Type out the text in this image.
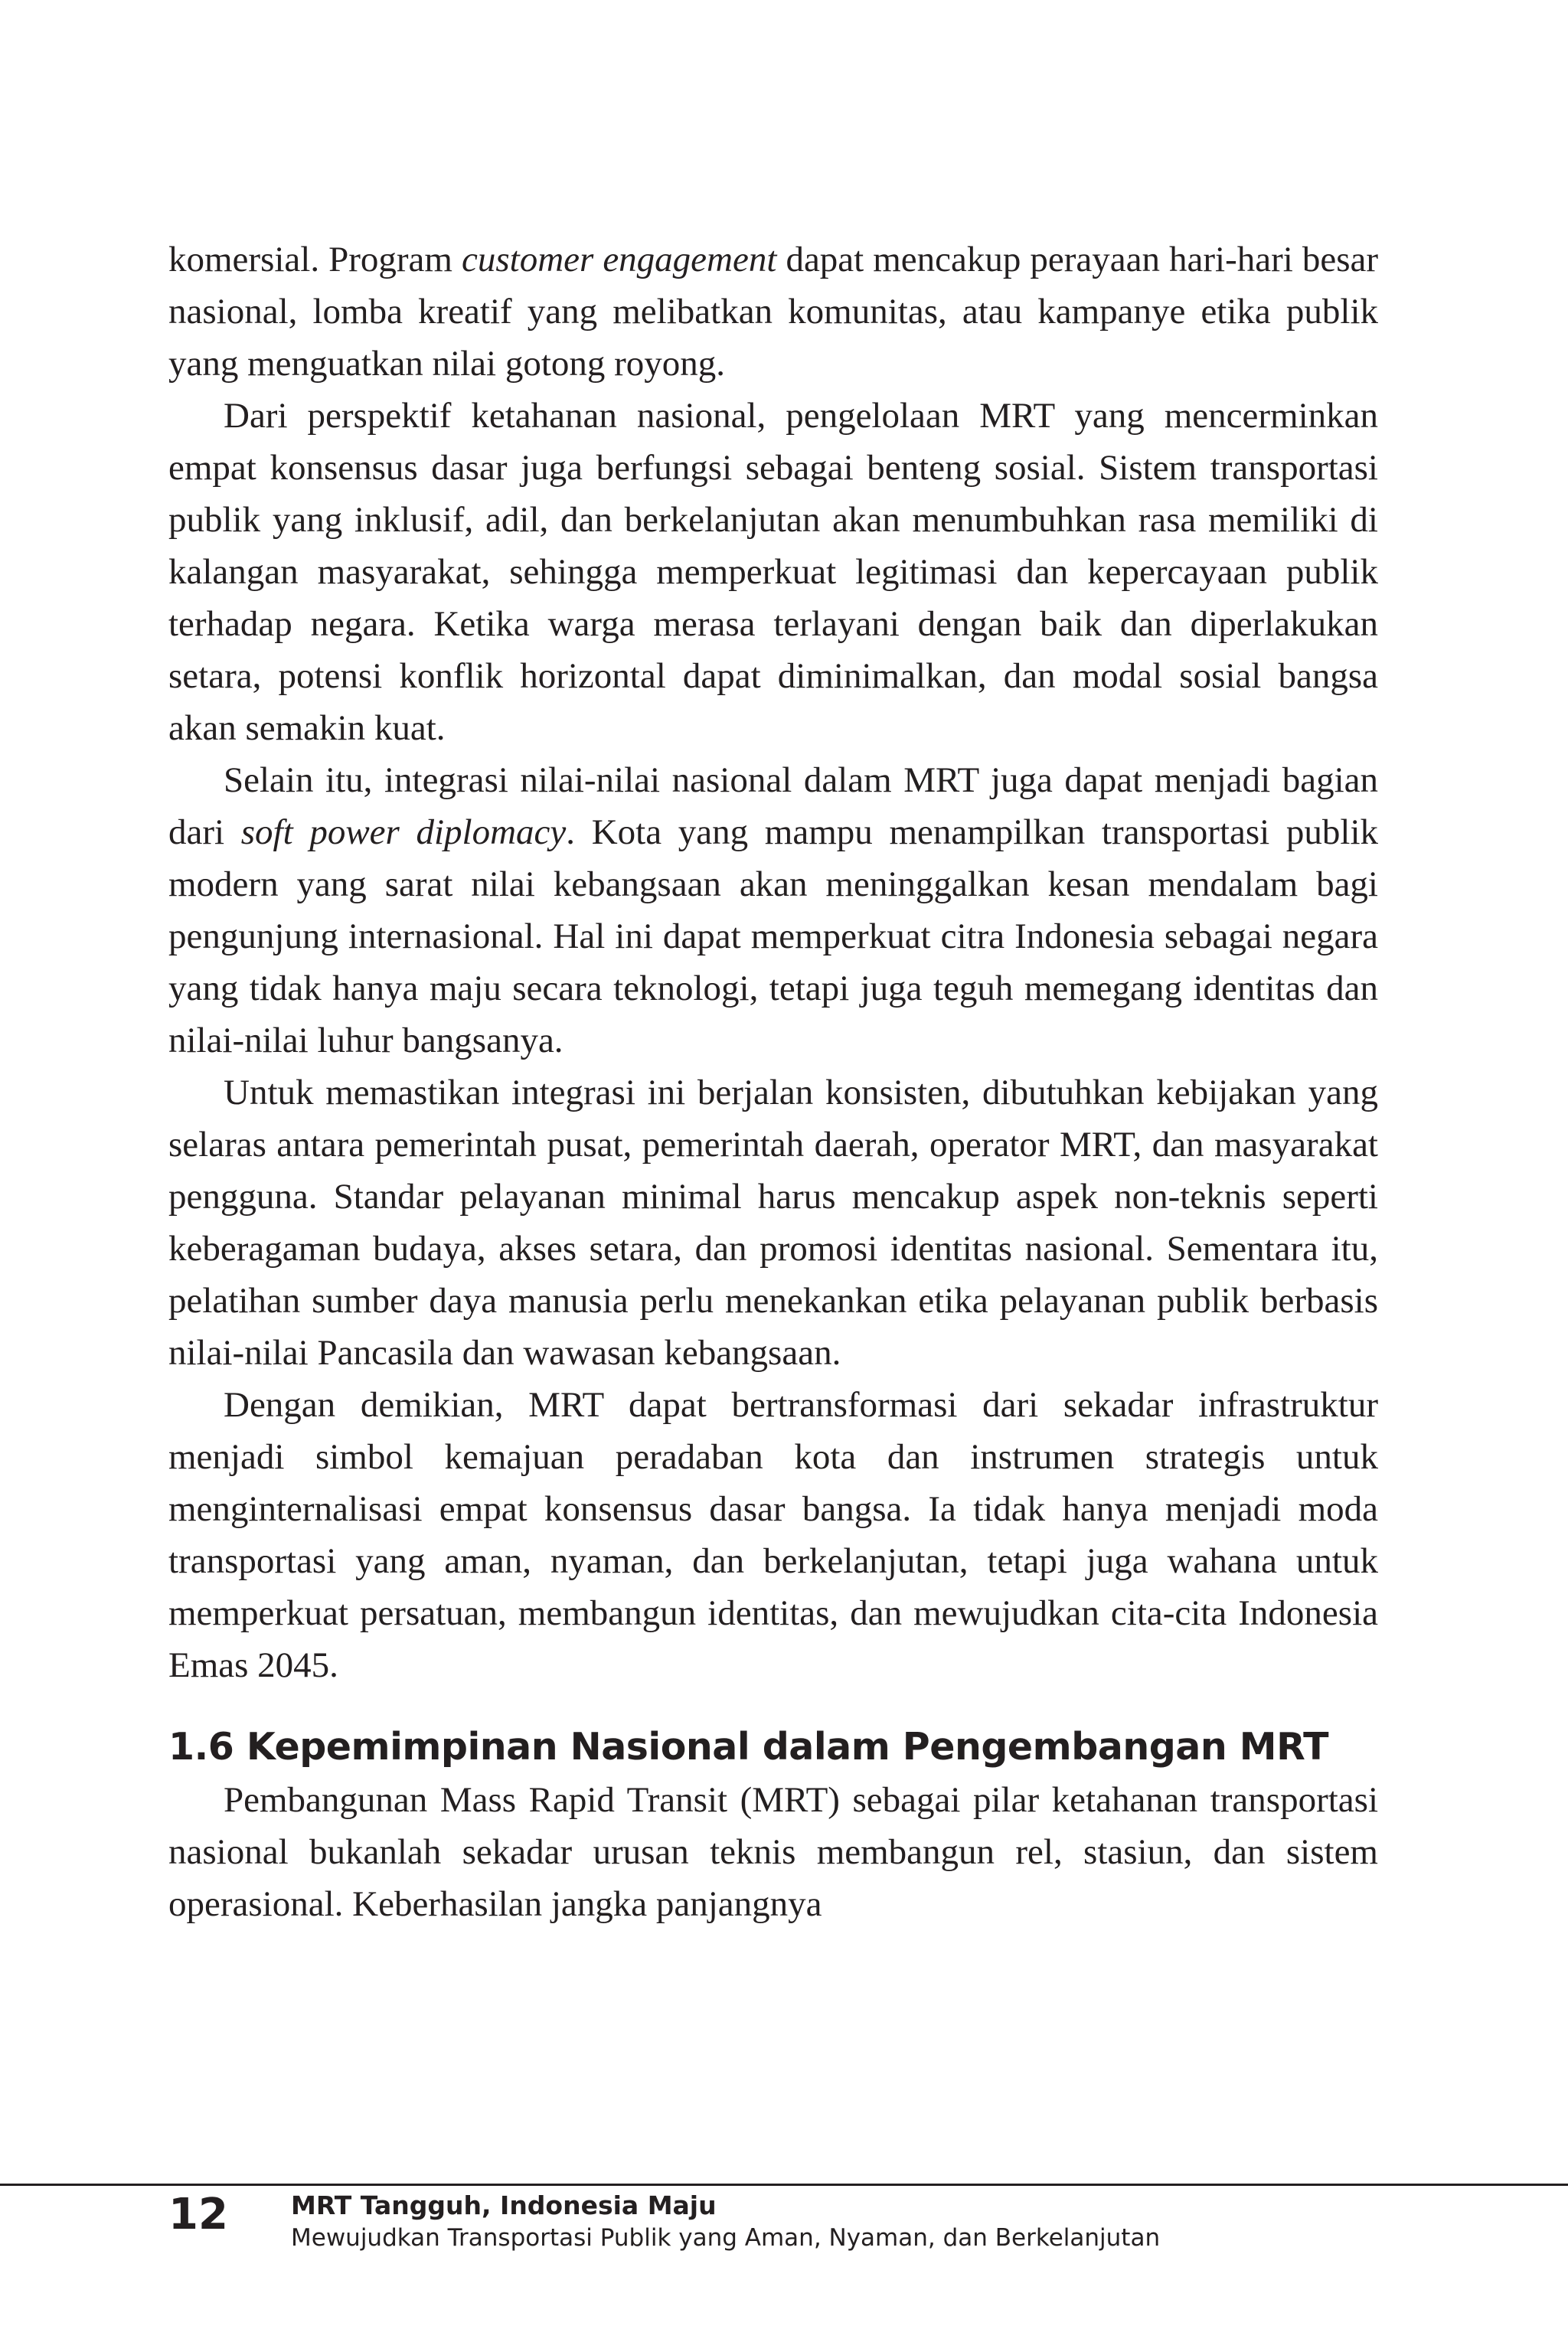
komersial. Program customer engagement dapat mencakup perayaan hari-hari besar nasional, lomba kreatif yang melibatkan komunitas, atau kampanye etika publik yang menguatkan nilai gotong royong.

Dari perspektif ketahanan nasional, pengelolaan MRT yang mencerminkan empat konsensus dasar juga berfungsi sebagai benteng sosial. Sistem transportasi publik yang inklusif, adil, dan berkelanjutan akan menumbuhkan rasa memiliki di kalangan masyarakat, sehingga memperkuat legitimasi dan kepercayaan publik terhadap negara. Ketika warga merasa terlayani dengan baik dan diperlakukan setara, potensi konflik horizontal dapat diminimalkan, dan modal sosial bangsa akan semakin kuat.

Selain itu, integrasi nilai-nilai nasional dalam MRT juga dapat menjadi bagian dari soft power diplomacy. Kota yang mampu menampilkan transportasi publik modern yang sarat nilai kebangsaan akan meninggalkan kesan mendalam bagi pengunjung internasional. Hal ini dapat memperkuat citra Indonesia sebagai negara yang tidak hanya maju secara teknologi, tetapi juga teguh memegang identitas dan nilai-nilai luhur bangsanya.

Untuk memastikan integrasi ini berjalan konsisten, dibutuhkan kebijakan yang selaras antara pemerintah pusat, pemerintah daerah, operator MRT, dan masyarakat pengguna. Standar pelayanan minimal harus mencakup aspek non-teknis seperti keberagaman budaya, akses setara, dan promosi identitas nasional. Sementara itu, pelatihan sumber daya manusia perlu menekankan etika pelayanan publik berbasis nilai-nilai Pancasila dan wawasan kebangsaan.

Dengan demikian, MRT dapat bertransformasi dari sekadar infrastruktur menjadi simbol kemajuan peradaban kota dan instrumen strategis untuk menginternalisasi empat konsensus dasar bangsa. Ia tidak hanya menjadi moda transportasi yang aman, nyaman, dan berkelanjutan, tetapi juga wahana untuk memperkuat persatuan, membangun identitas, dan mewujudkan cita-cita Indonesia Emas 2045.

1.6 Kepemimpinan Nasional dalam Pengembangan MRT

Pembangunan Mass Rapid Transit (MRT) sebagai pilar ketahanan transportasi nasional bukanlah sekadar urusan teknis membangun rel, stasiun, dan sistem operasional. Keberhasilan jangka panjangnya

12 MRT Tangguh, Indonesia Maju
Mewujudkan Transportasi Publik yang Aman, Nyaman, dan Berkelanjutan
